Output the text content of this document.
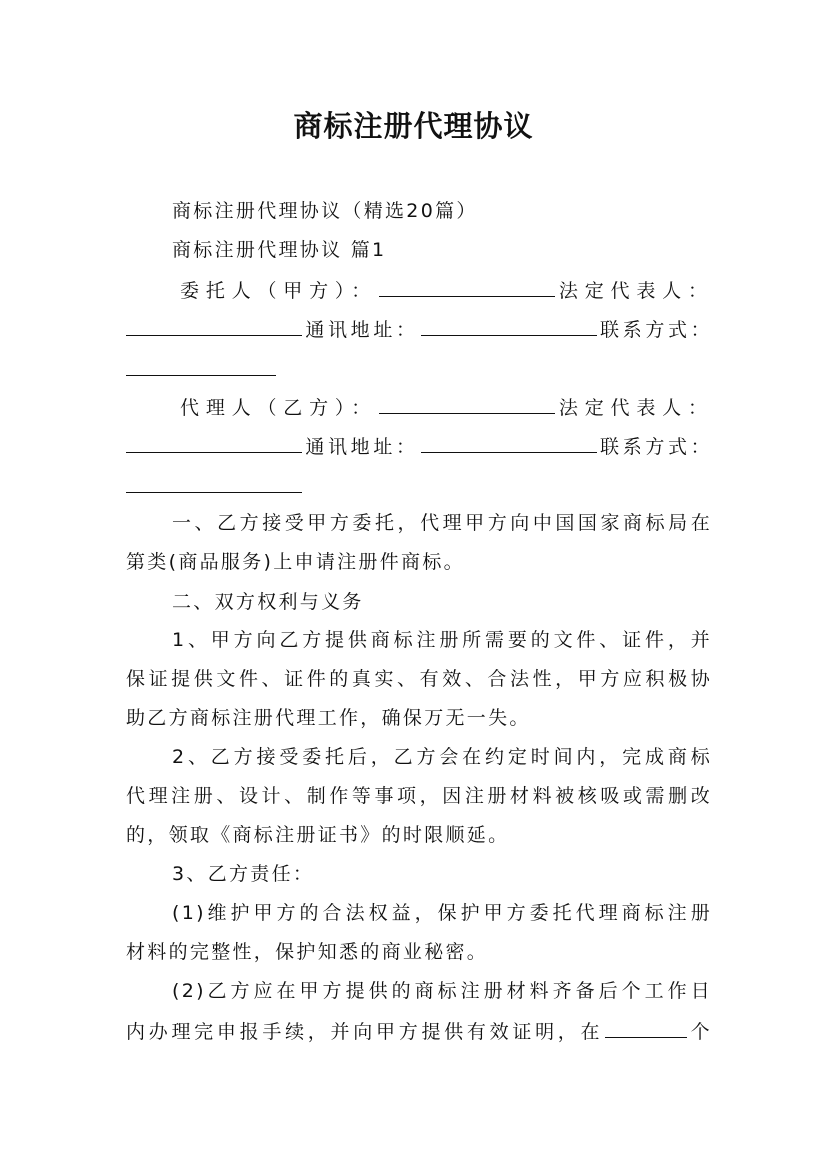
商标注册代理协议
商标注册代理协议（精选20篇）
商标注册代理协议 篇1
委托人（甲方）：	法定代表人：
通讯地址：	联系方式：
代理人（乙方）：	法定代表人：
通讯地址：	联系方式：
一、乙方接受甲方委托，代理甲方向中国国家商标局在
第类(商品服务)上申请注册件商标。
二、双方权利与义务
1、甲方向乙方提供商标注册所需要的文件、证件，并
保证提供文件、证件的真实、有效、合法性，甲方应积极协
助乙方商标注册代理工作，确保万无一失。
2、乙方接受委托后，乙方会在约定时间内，完成商标
代理注册、设计、制作等事项，因注册材料被核吸或需删改
的，领取《商标注册证书》的时限顺延。
3、乙方责任：
(1)维护甲方的合法权益，保护甲方委托代理商标注册
材料的完整性，保护知悉的商业秘密。
(2)乙方应在甲方提供的商标注册材料齐备后个工作日
内办理完申报手续，并向甲方提供有效证明，在	个
